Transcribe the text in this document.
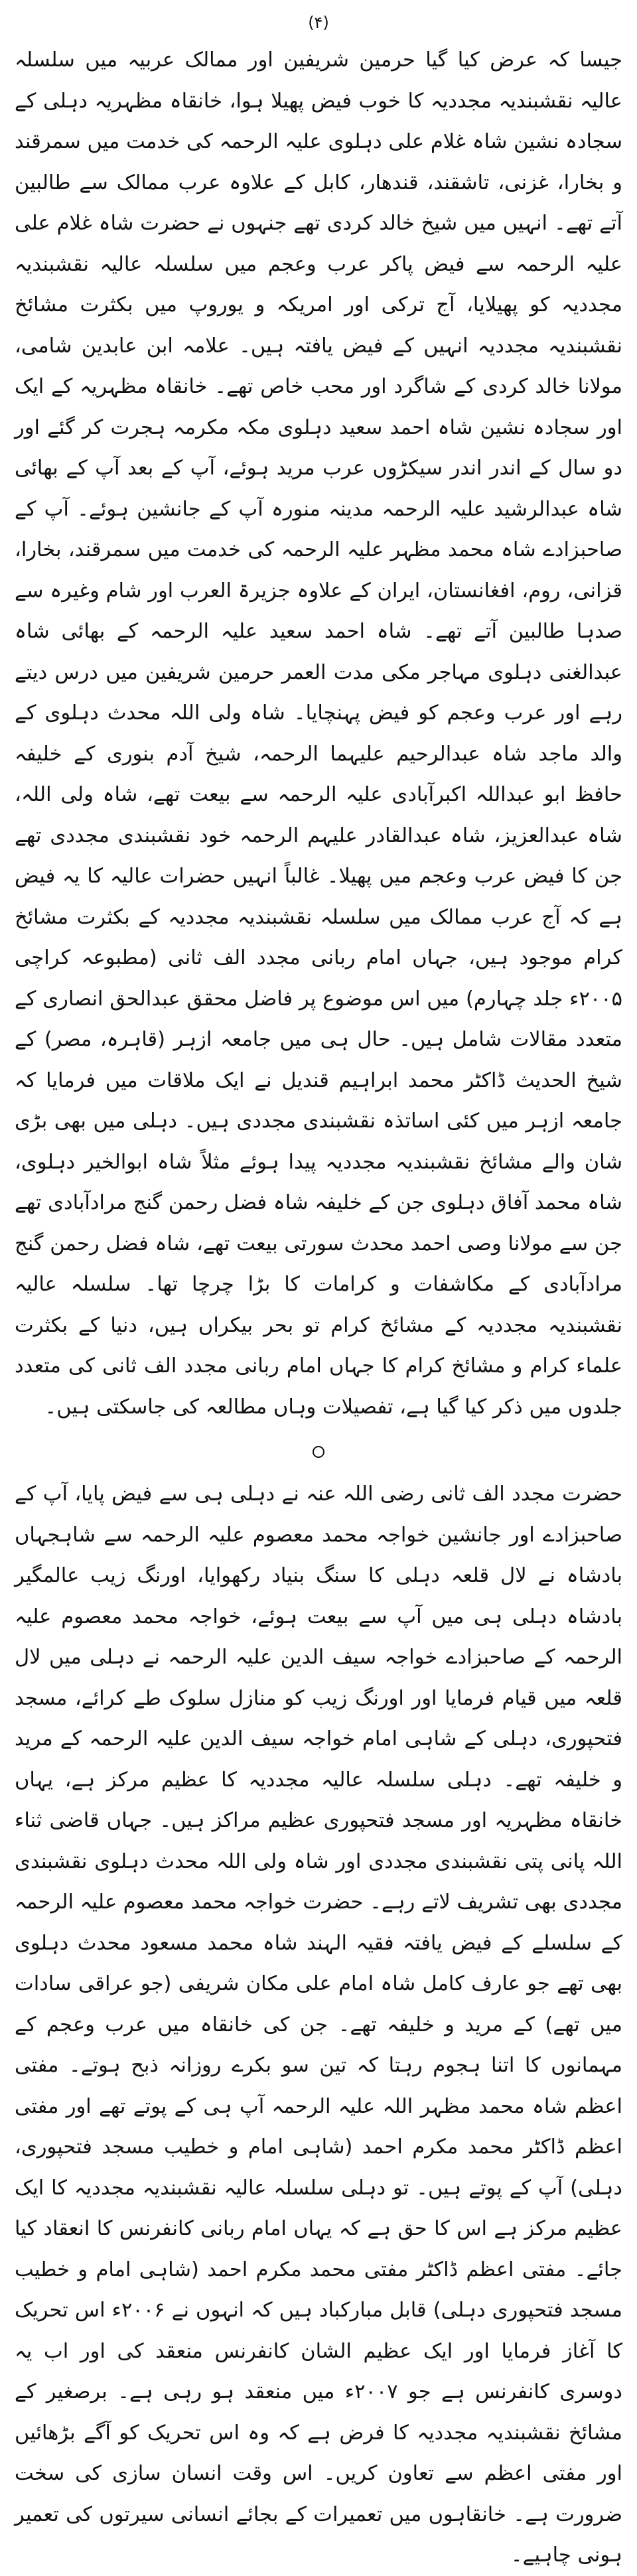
(۴)

جیسا کہ عرض کیا گیا حرمین شریفین اور ممالک عربیہ میں سلسلہ عالیہ نقشبندیہ مجددیہ کا خوب فیض پھیلا ہوا، خانقاہ مظہریہ دہلی کے سجادہ نشین شاہ غلام علی دہلوی علیہ الرحمہ کی خدمت میں سمرقند و بخارا، غزنی، تاشقند، قندھار، کابل کے علاوہ عرب ممالک سے طالبین آتے تھے۔ انہیں میں شیخ خالد کردی تھے جنہوں نے حضرت شاہ غلام علی علیہ الرحمہ سے فیض پاکر عرب وعجم میں سلسلہ عالیہ نقشبندیہ مجددیہ کو پھیلایا، آج ترکی اور امریکہ و یوروپ میں بکثرت مشائخ نقشبندیہ مجددیہ انہیں کے فیض یافتہ ہیں۔ علامہ ابن عابدین شامی، مولانا خالد کردی کے شاگرد اور محب خاص تھے۔ خانقاہ مظہریہ کے ایک اور سجادہ نشین شاہ احمد سعید دہلوی مکہ مکرمہ ہجرت کر گئے اور دو سال کے اندر اندر سیکڑوں عرب مرید ہوئے، آپ کے بعد آپ کے بھائی شاہ عبدالرشید علیہ الرحمہ مدینہ منورہ آپ کے جانشین ہوئے۔ آپ کے صاحبزادے شاہ محمد مظہر علیہ الرحمہ کی خدمت میں سمرقند، بخارا، قزانی، روم، افغانستان، ایران کے علاوہ جزیرۃ العرب اور شام وغیرہ سے صدہا طالبین آتے تھے۔ شاہ احمد سعید علیہ الرحمہ کے بھائی شاہ عبدالغنی دہلوی مہاجر مکی مدت العمر حرمین شریفین میں درس دیتے رہے اور عرب وعجم کو فیض پہنچایا۔ شاہ ولی اللہ محدث دہلوی کے والد ماجد شاہ عبدالرحیم علیہما الرحمہ، شیخ آدم بنوری کے خلیفہ حافظ ابو عبداللہ اکبرآبادی علیہ الرحمہ سے بیعت تھے، شاہ ولی اللہ، شاہ عبدالعزیز، شاہ عبدالقادر علیہم الرحمہ خود نقشبندی مجددی تھے جن کا فیض عرب وعجم میں پھیلا۔ غالباً انہیں حضرات عالیہ کا یہ فیض ہے کہ آج عرب ممالک میں سلسلہ نقشبندیہ مجددیہ کے بکثرت مشائخ کرام موجود ہیں، جہاں امام ربانی مجدد الف ثانی (مطبوعہ کراچی ۲۰۰۵ء جلد چہارم) میں اس موضوع پر فاضل محقق عبدالحق انصاری کے متعدد مقالات شامل ہیں۔ حال ہی میں جامعہ ازہر (قاہرہ، مصر) کے شیخ الحدیث ڈاکٹر محمد ابراہیم قندیل نے ایک ملاقات میں فرمایا کہ جامعہ ازہر میں کئی اساتذہ نقشبندی مجددی ہیں۔ دہلی میں بھی بڑی شان والے مشائخ نقشبندیہ مجددیہ پیدا ہوئے مثلاً شاہ ابوالخیر دہلوی، شاہ محمد آفاق دہلوی جن کے خلیفہ شاہ فضل رحمن گنج مرادآبادی تھے جن سے مولانا وصی احمد محدث سورتی بیعت تھے، شاہ فضل رحمن گنج مرادآبادی کے مکاشفات و کرامات کا بڑا چرچا تھا۔ سلسلہ عالیہ نقشبندیہ مجددیہ کے مشائخ کرام تو بحر بیکراں ہیں، دنیا کے بکثرت علماء کرام و مشائخ کرام کا جہاں امام ربانی مجدد الف ثانی کی متعدد جلدوں میں ذکر کیا گیا ہے، تفصیلات وہاں مطالعہ کی جاسکتی ہیں۔

حضرت مجدد الف ثانی رضی اللہ عنہ نے دہلی ہی سے فیض پایا، آپ کے صاحبزادے اور جانشین خواجہ محمد معصوم علیہ الرحمہ سے شاہجہاں بادشاہ نے لال قلعہ دہلی کا سنگ بنیاد رکھوایا، اورنگ زیب عالمگیر بادشاہ دہلی ہی میں آپ سے بیعت ہوئے، خواجہ محمد معصوم علیہ الرحمہ کے صاحبزادے خواجہ سیف الدین علیہ الرحمہ نے دہلی میں لال قلعہ میں قیام فرمایا اور اورنگ زیب کو منازل سلوک طے کرائے، مسجد فتحپوری، دہلی کے شاہی امام خواجہ سیف الدین علیہ الرحمہ کے مرید و خلیفہ تھے۔ دہلی سلسلہ عالیہ مجددیہ کا عظیم مرکز ہے، یہاں خانقاہ مظہریہ اور مسجد فتحپوری عظیم مراکز ہیں۔ جہاں قاضی ثناء اللہ پانی پتی نقشبندی مجددی اور شاہ ولی اللہ محدث دہلوی نقشبندی مجددی بھی تشریف لاتے رہے۔ حضرت خواجہ محمد معصوم علیہ الرحمہ کے سلسلے کے فیض یافتہ فقیہ الہند شاہ محمد مسعود محدث دہلوی بھی تھے جو عارف کامل شاہ امام علی مکان شریفی (جو عراقی سادات میں تھے) کے مرید و خلیفہ تھے۔ جن کی خانقاہ میں عرب وعجم کے مہمانوں کا اتنا ہجوم رہتا کہ تین سو بکرے روزانہ ذبح ہوتے۔ مفتی اعظم شاہ محمد مظہر اللہ علیہ الرحمہ آپ ہی کے پوتے تھے اور مفتی اعظم ڈاکٹر محمد مکرم احمد (شاہی امام و خطیب مسجد فتحپوری، دہلی) آپ کے پوتے ہیں۔ تو دہلی سلسلہ عالیہ نقشبندیہ مجددیہ کا ایک عظیم مرکز ہے اس کا حق ہے کہ یہاں امام ربانی کانفرنس کا انعقاد کیا جائے۔ مفتی اعظم ڈاکٹر مفتی محمد مکرم احمد (شاہی امام و خطیب مسجد فتحپوری دہلی) قابل مبارکباد ہیں کہ انہوں نے ۲۰۰۶ء اس تحریک کا آغاز فرمایا اور ایک عظیم الشان کانفرنس منعقد کی اور اب یہ دوسری کانفرنس ہے جو ۲۰۰۷ء میں منعقد ہو رہی ہے۔ برصغیر کے مشائخ نقشبندیہ مجددیہ کا فرض ہے کہ وہ اس تحریک کو آگے بڑھائیں اور مفتی اعظم سے تعاون کریں۔ اس وقت انسان سازی کی سخت ضرورت ہے۔ خانقاہوں میں تعمیرات کے بجائے انسانی سیرتوں کی تعمیر ہونی چاہیے۔
